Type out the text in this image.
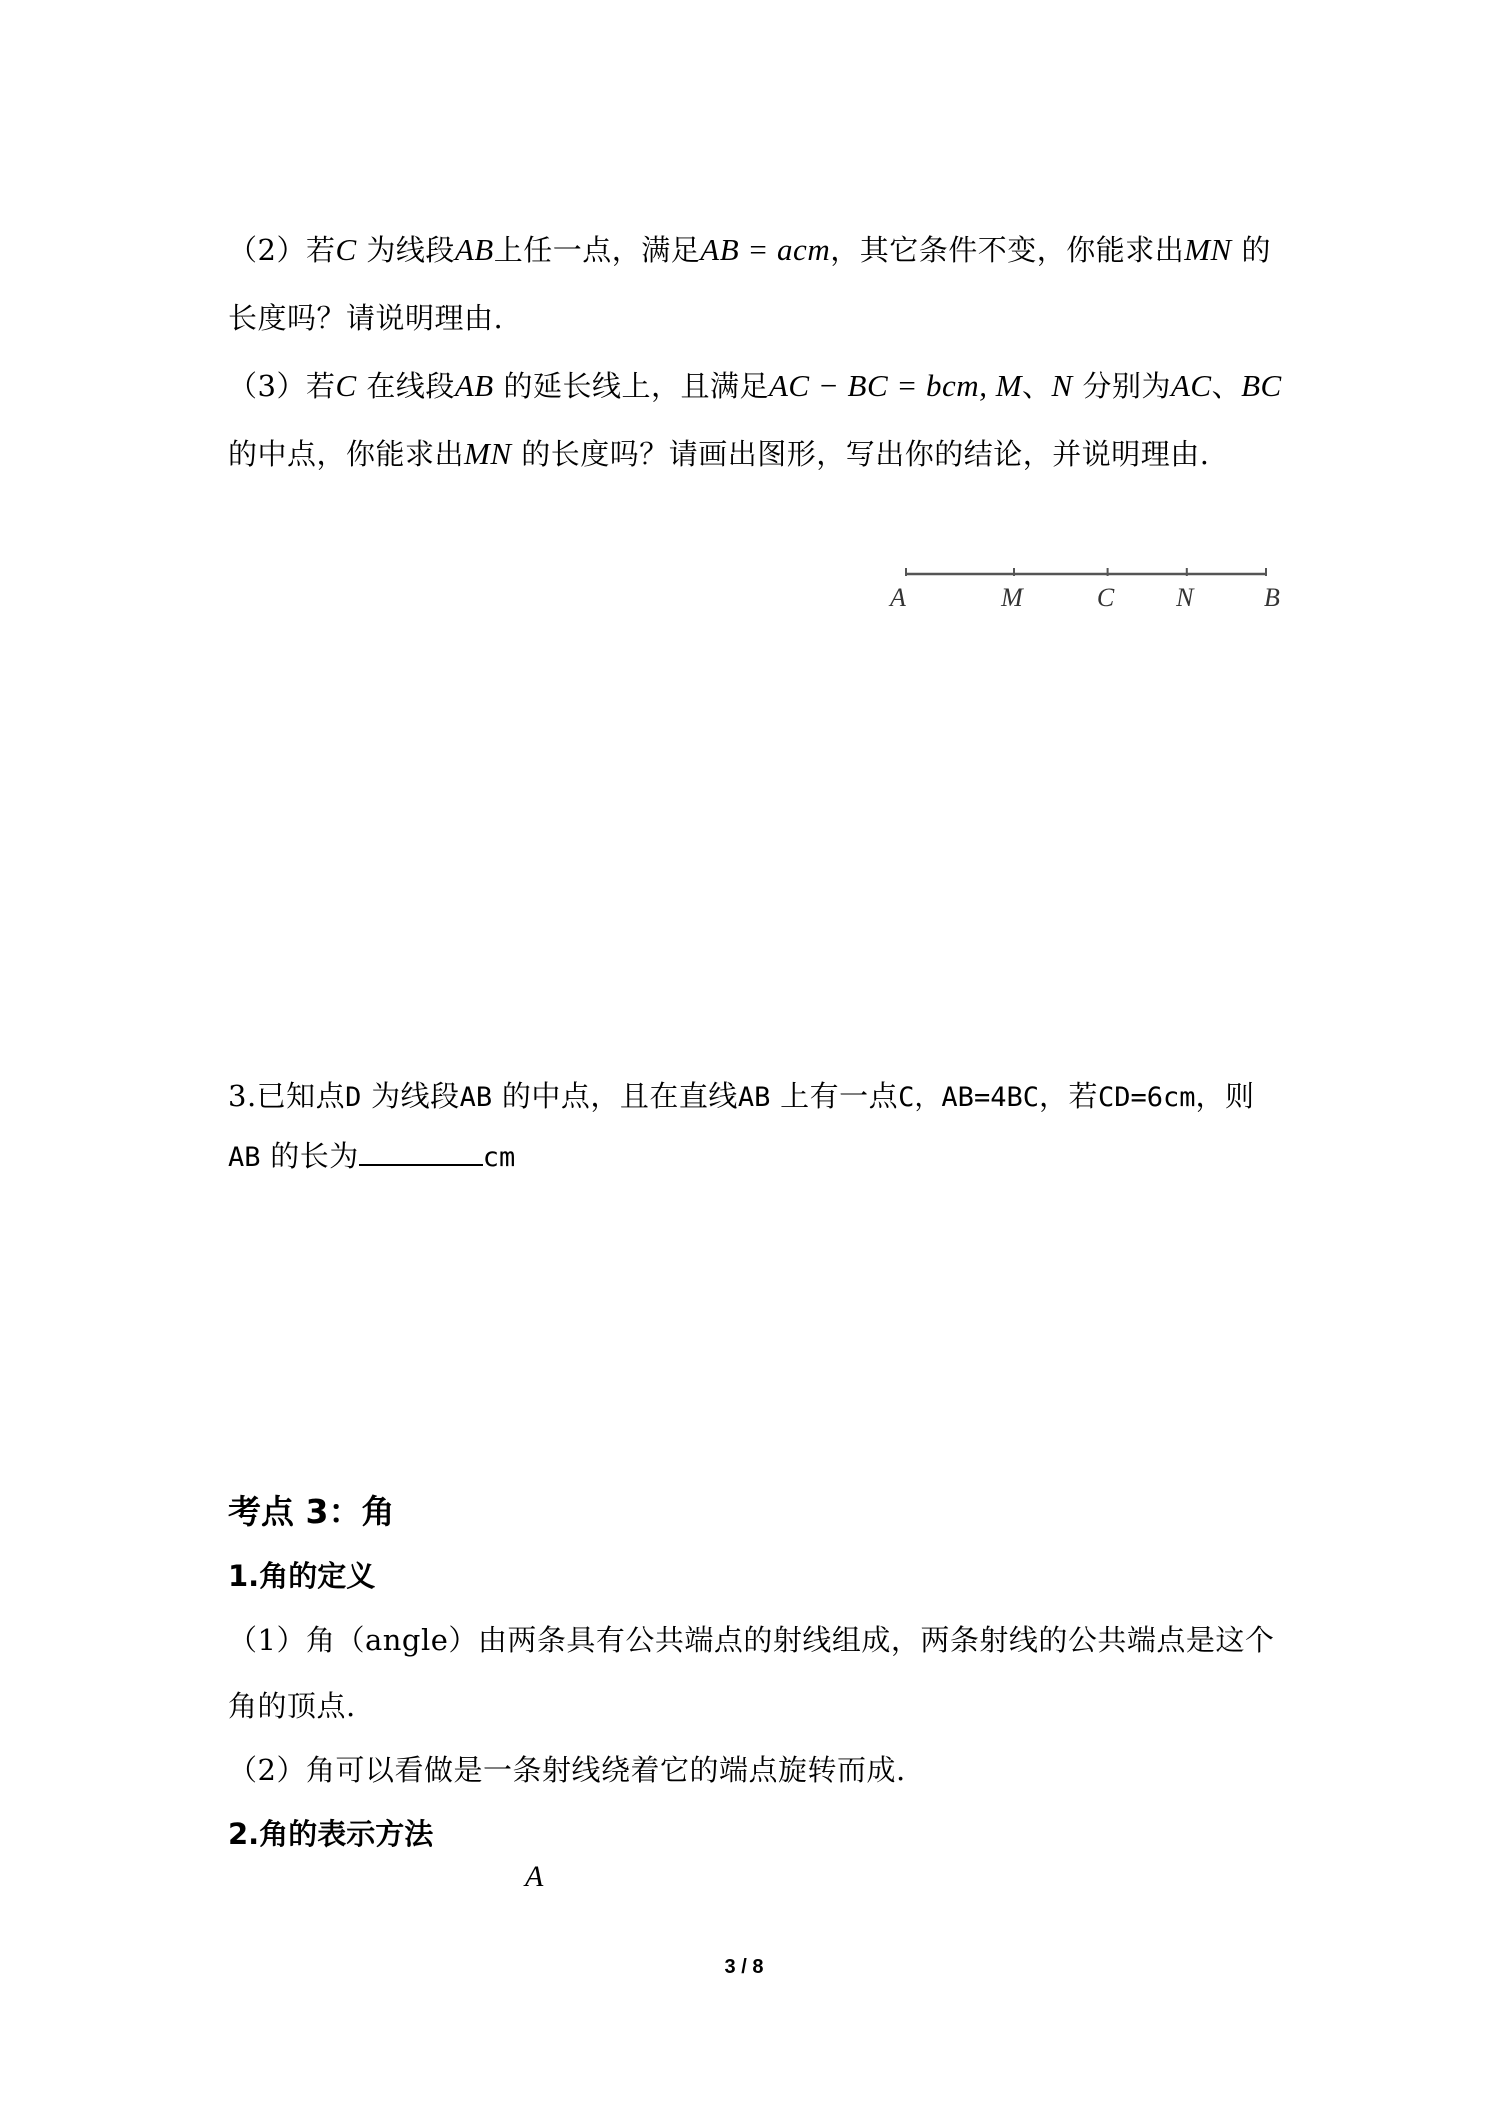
（2）若C 为线段AB上任一点，满足AB = acm，其它条件不变，你能求出MN 的
长度吗？请说明理由.
（3）若C 在线段AB 的延长线上，且满足AC − BC = bcm, M、N 分别为AC、BC
的中点，你能求出MN 的长度吗？请画出图形，写出你的结论，并说明理由.
A	M	C N	B
3.已知点D 为线段AB 的中点，且在直线AB 上有一点C，AB=4BC，若CD=6cm，则
AB 的长为	cm
考点 3：角
1.角的定义
（1）角（angle）由两条具有公共端点的射线组成，两条射线的公共端点是这个
角的顶点.
（2）角可以看做是一条射线绕着它的端点旋转而成.
2.角的表示方法
A
3 / 8
